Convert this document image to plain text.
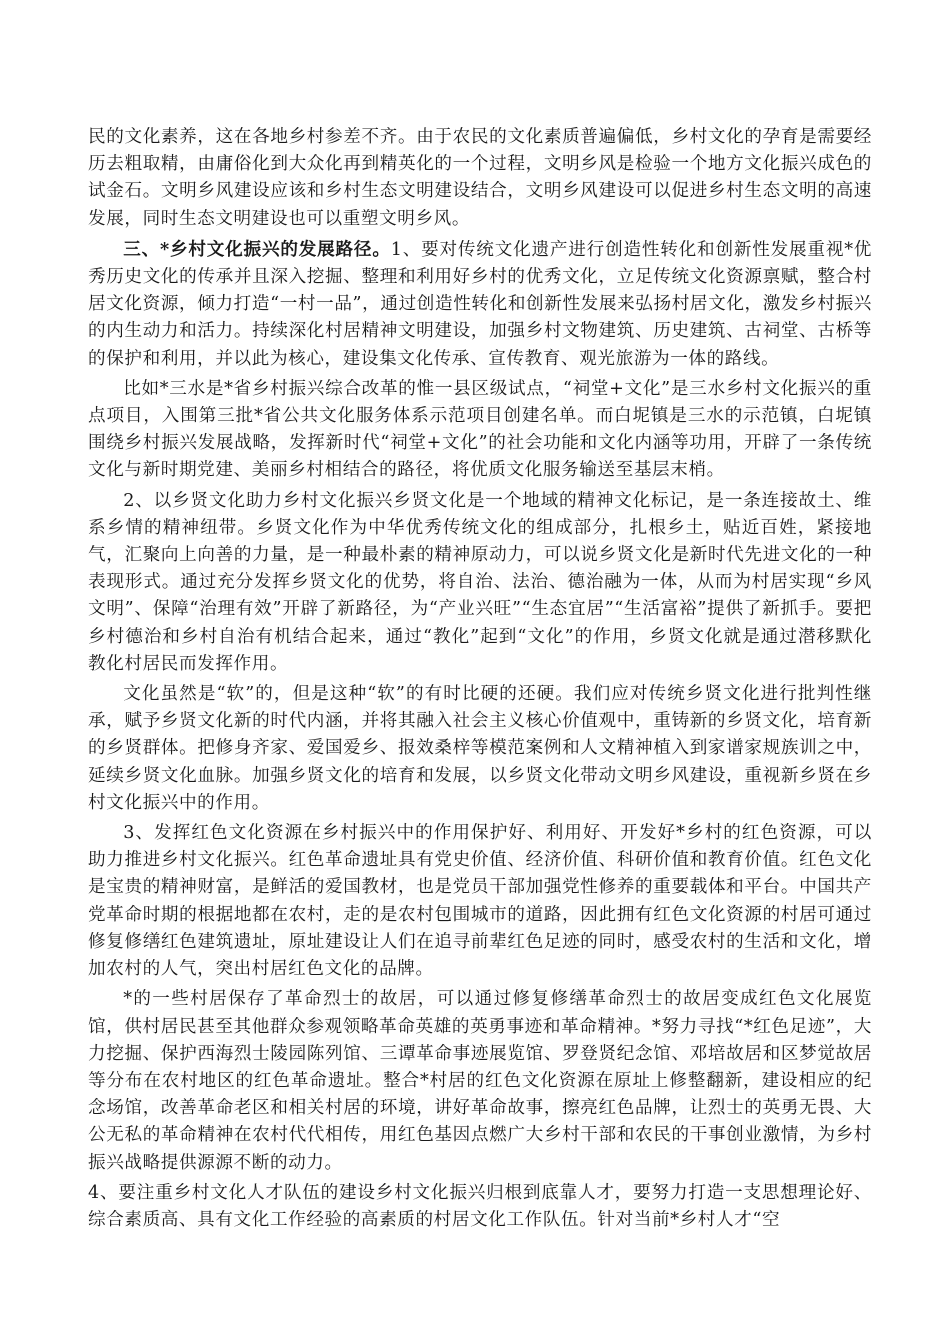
民的文化素养，这在各地乡村参差不齐。由于农民的文化素质普遍偏低，乡村文化的孕育是需要经历去粗取精，由庸俗化到大众化再到精英化的一个过程，文明乡风是检验一个地方文化振兴成色的试金石。文明乡风建设应该和乡村生态文明建设结合，文明乡风建设可以促进乡村生态文明的高速发展，同时生态文明建设也可以重塑文明乡风。

三、*乡村文化振兴的发展路径。1、要对传统文化遗产进行创造性转化和创新性发展重视*优秀历史文化的传承并且深入挖掘、整理和利用好乡村的优秀文化，立足传统文化资源禀赋，整合村居文化资源，倾力打造“一村一品”，通过创造性转化和创新性发展来弘扬村居文化，激发乡村振兴的内生动力和活力。持续深化村居精神文明建设，加强乡村文物建筑、历史建筑、古祠堂、古桥等的保护和利用，并以此为核心，建设集文化传承、宣传教育、观光旅游为一体的路线。

比如*三水是*省乡村振兴综合改革的惟一县区级试点，“祠堂+文化”是三水乡村文化振兴的重点项目，入围第三批*省公共文化服务体系示范项目创建名单。而白坭镇是三水的示范镇，白坭镇围绕乡村振兴发展战略，发挥新时代“祠堂+文化”的社会功能和文化内涵等功用，开辟了一条传统文化与新时期党建、美丽乡村相结合的路径，将优质文化服务输送至基层末梢。

2、以乡贤文化助力乡村文化振兴乡贤文化是一个地域的精神文化标记，是一条连接故土、维系乡情的精神纽带。乡贤文化作为中华优秀传统文化的组成部分，扎根乡土，贴近百姓，紧接地气，汇聚向上向善的力量，是一种最朴素的精神原动力，可以说乡贤文化是新时代先进文化的一种表现形式。通过充分发挥乡贤文化的优势，将自治、法治、德治融为一体，从而为村居实现“乡风文明”、保障“治理有效”开辟了新路径，为“产业兴旺”“生态宜居”“生活富裕”提供了新抓手。要把乡村德治和乡村自治有机结合起来，通过“教化”起到“文化”的作用，乡贤文化就是通过潜移默化教化村居民而发挥作用。

文化虽然是“软”的，但是这种“软”的有时比硬的还硬。我们应对传统乡贤文化进行批判性继承，赋予乡贤文化新的时代内涵，并将其融入社会主义核心价值观中，重铸新的乡贤文化，培育新的乡贤群体。把修身齐家、爱国爱乡、报效桑梓等模范案例和人文精神植入到家谱家规族训之中，延续乡贤文化血脉。加强乡贤文化的培育和发展，以乡贤文化带动文明乡风建设，重视新乡贤在乡村文化振兴中的作用。

3、发挥红色文化资源在乡村振兴中的作用保护好、利用好、开发好*乡村的红色资源，可以助力推进乡村文化振兴。红色革命遗址具有党史价值、经济价值、科研价值和教育价值。红色文化是宝贵的精神财富，是鲜活的爱国教材，也是党员干部加强党性修养的重要载体和平台。中国共产党革命时期的根据地都在农村，走的是农村包围城市的道路，因此拥有红色文化资源的村居可通过修复修缮红色建筑遗址，原址建设让人们在追寻前辈红色足迹的同时，感受农村的生活和文化，增加农村的人气，突出村居红色文化的品牌。

*的一些村居保存了革命烈士的故居，可以通过修复修缮革命烈士的故居变成红色文化展览馆，供村居民甚至其他群众参观领略革命英雄的英勇事迹和革命精神。*努力寻找“*红色足迹”，大力挖掘、保护西海烈士陵园陈列馆、三谭革命事迹展览馆、罗登贤纪念馆、邓培故居和区梦觉故居等分布在农村地区的红色革命遗址。整合*村居的红色文化资源在原址上修整翻新，建设相应的纪念场馆，改善革命老区和相关村居的环境，讲好革命故事，擦亮红色品牌，让烈士的英勇无畏、大公无私的革命精神在农村代代相传，用红色基因点燃广大乡村干部和农民的干事创业激情，为乡村振兴战略提供源源不断的动力。

4、要注重乡村文化人才队伍的建设乡村文化振兴归根到底靠人才，要努力打造一支思想理论好、综合素质高、具有文化工作经验的高素质的村居文化工作队伍。针对当前*乡村人才“空
